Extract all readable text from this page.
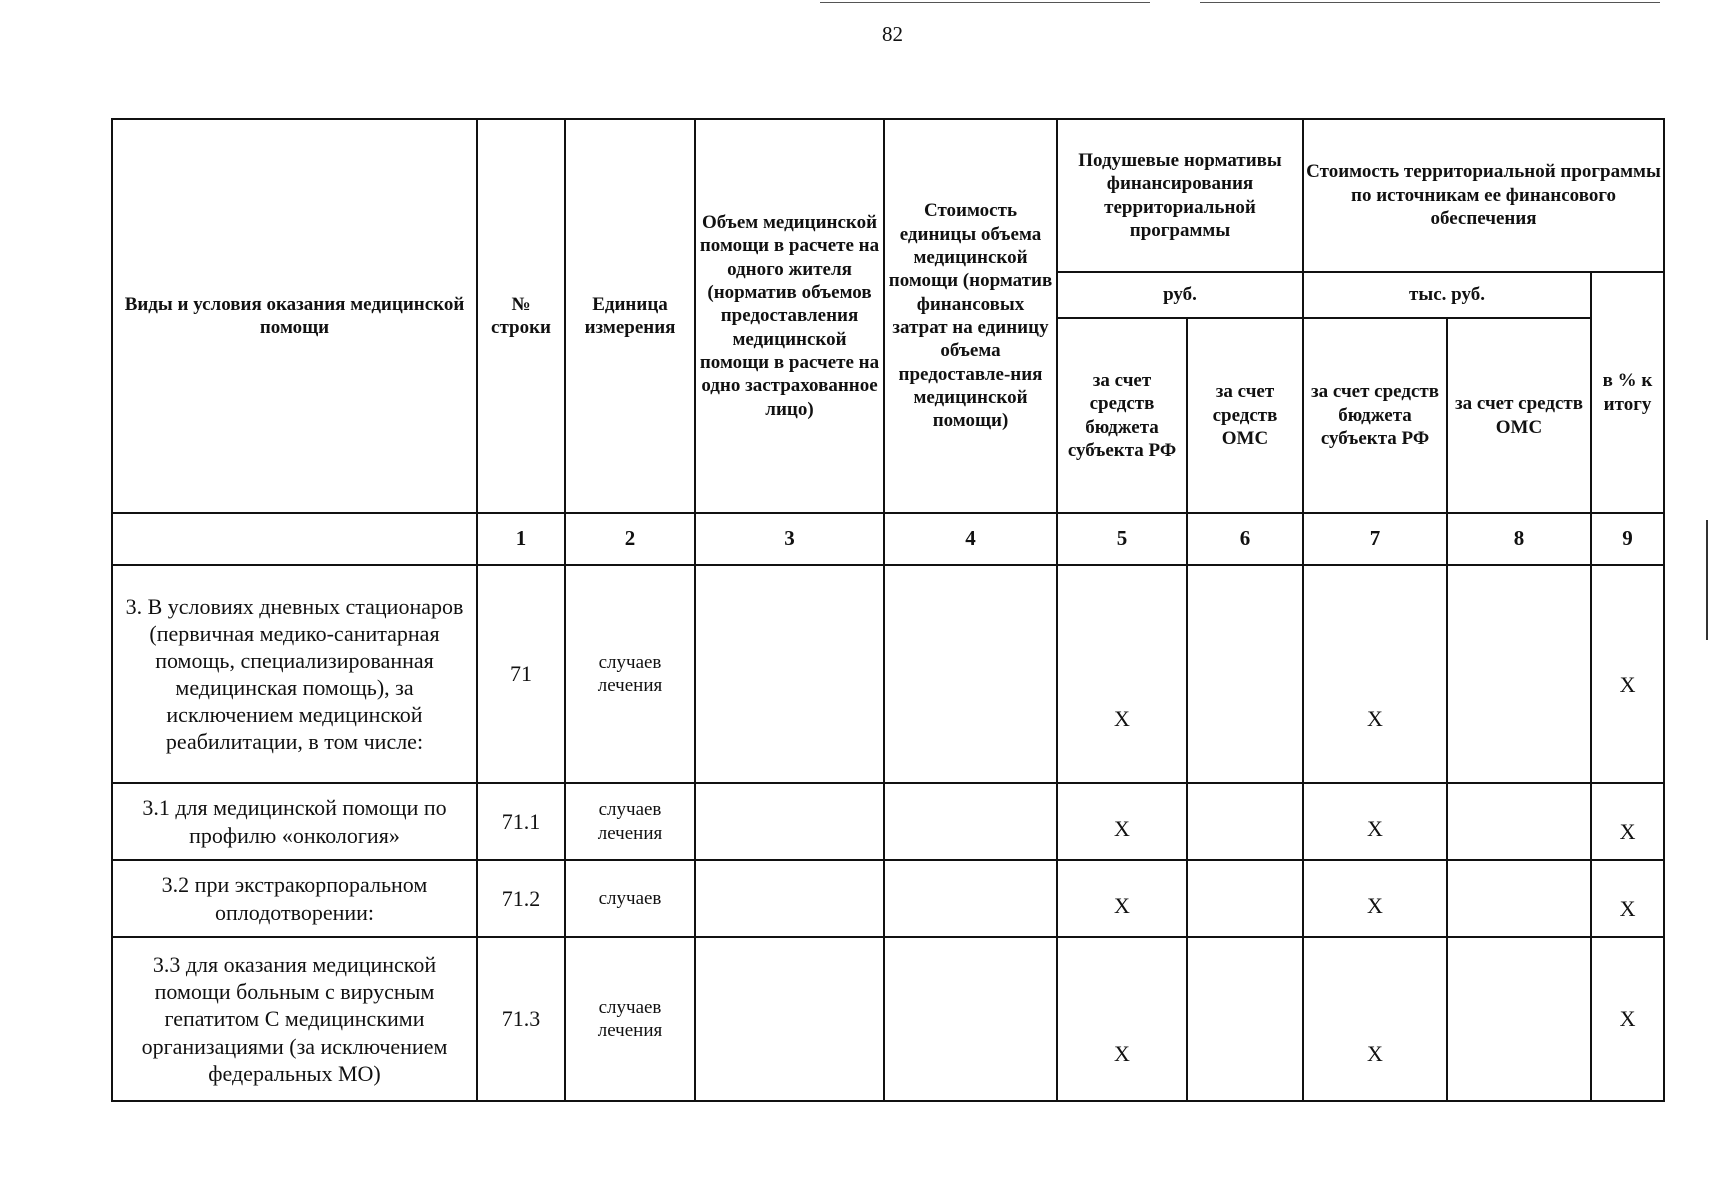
82
Виды и условия оказания медицинской помощи	№ строки	Единица измерения	Объем медицинской помощи в расчете на одного жителя (норматив объемов предоставления медицинской помощи в расчете на одно застрахованное лицо)	Стоимость единицы объема медицинской помощи (норматив финансовых затрат на единицу объема предоставле-ния медицинской помощи)	Подушевые нормативы финансирования территориальной программы		Стоимость территориальной программы по источникам ее финансового обеспечения		
					руб.		тыс. руб.		в % к итогу
					за счет средств бюджета субъекта РФ	за счет средств ОМС	за счет средств бюджета субъекта РФ	за счет средств ОМС	
	1	2	3	4	5	6	7	8	9
3. В условиях дневных стационаров (первичная медико-санитарная помощь, специализированная медицинская помощь), за исключением медицинской реабилитации, в том числе:	71	случаев лечения			X		X		X
3.1 для медицинской помощи по профилю «онкология»	71.1	случаев лечения			X		X		X
3.2 при экстракорпоральном оплодотворении:	71.2	случаев			X		X		X
3.3 для оказания медицинской помощи больным с вирусным гепатитом С медицинскими организациями (за исключением федеральных МО)	71.3	случаев лечения			X		X		X
